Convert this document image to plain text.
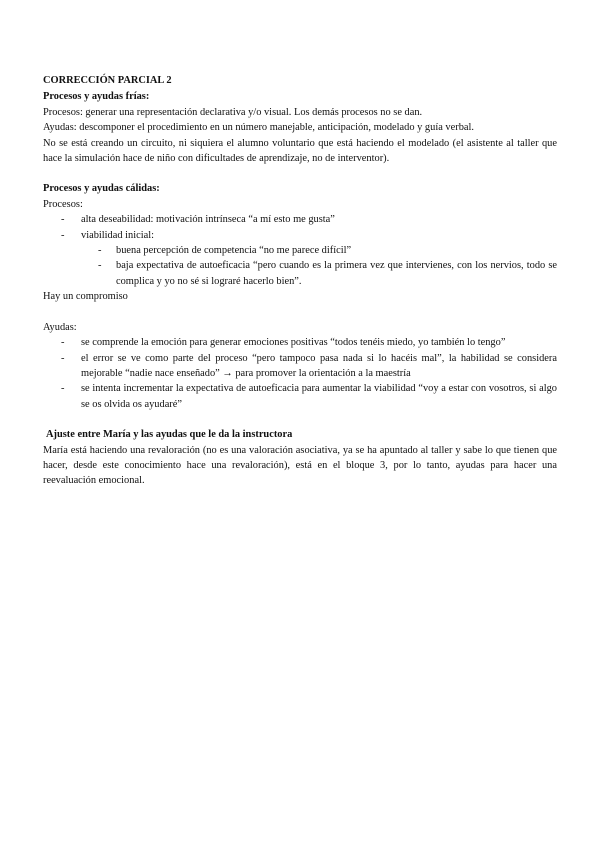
CORRECCIÓN PARCIAL 2

Procesos y ayudas frías:

Procesos: generar una representación declarativa y/o visual. Los demás procesos no se dan.

Ayudas: descomponer el procedimiento en un número manejable, anticipación, modelado y guía verbal.

No se está creando un circuito, ni siquiera el alumno voluntario que está haciendo el modelado (el asistente al taller que hace la simulación hace de niño con dificultades de aprendizaje, no de interventor).

Procesos y ayudas cálidas:

Procesos:

- alta deseabilidad: motivación intrínseca “a mí esto me gusta”
- viabilidad inicial:
- buena percepción de competencia “no me parece difícil”
- baja expectativa de autoeficacia “pero cuando es la primera vez que intervienes, con los nervios, todo se complica y yo no sé si lograré hacerlo bien”.

Hay un compromiso

Ayudas:

- se comprende la emoción para generar emociones positivas “todos tenéis miedo, yo también lo tengo”
- el error se ve como parte del proceso “pero tampoco pasa nada si lo hacéis mal”, la habilidad se considera mejorable “nadie nace enseñado” → para promover la orientación a la maestría
- se intenta incrementar la expectativa de autoeficacia para aumentar la viabilidad “voy a estar con vosotros, si algo se os olvida os ayudaré”

Ajuste entre María y las ayudas que le da la instructora

María está haciendo una revaloración (no es una valoración asociativa, ya se ha apuntado al taller y sabe lo que tienen que hacer, desde este conocimiento hace una revaloración), está en el bloque 3, por lo tanto, ayudas para hacer una reevaluación emocional.
